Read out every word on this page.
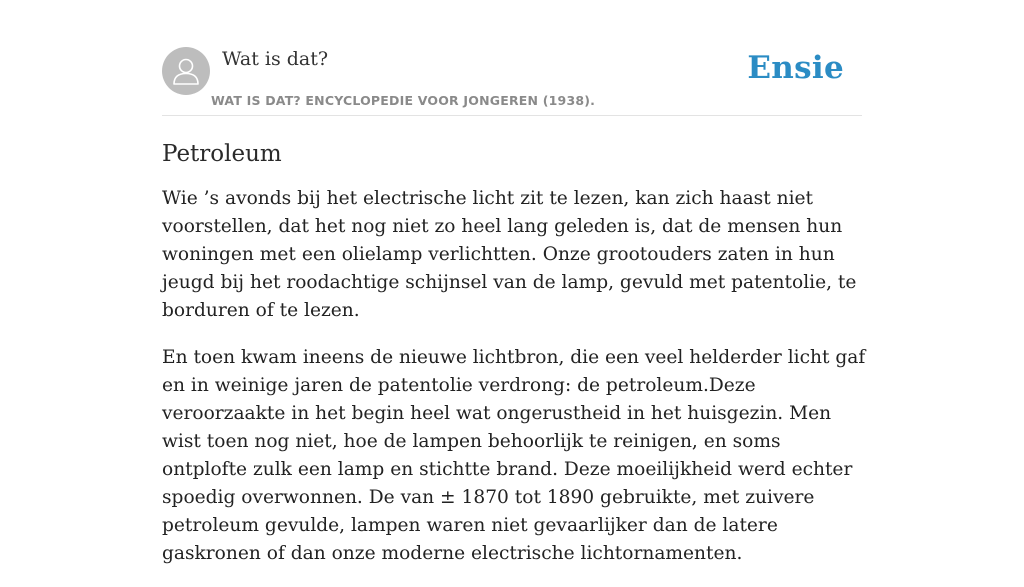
Wat is dat?
WAT IS DAT? ENCYCLOPEDIE VOOR JONGEREN (1938).
Ensie
Petroleum

Wie ’s avonds bij het electrische licht zit te lezen, kan zich haast niet voorstellen, dat het nog niet zo heel lang geleden is, dat de mensen hun woningen met een olielamp verlichtten. Onze grootouders zaten in hun jeugd bij het roodachtige schijnsel van de lamp, gevuld met patentolie, te borduren of te lezen.

En toen kwam ineens de nieuwe lichtbron, die een veel helderder licht gaf en in weinige jaren de patentolie verdrong: de petroleum.Deze veroorzaakte in het begin heel wat ongerustheid in het huisgezin. Men wist toen nog niet, hoe de lampen behoorlijk te reinigen, en soms ontplofte zulk een lamp en stichtte brand. Deze moeilijkheid werd echter spoedig overwonnen. De van ± 1870 tot 1890 gebruikte, met zuivere petroleum gevulde, lampen waren niet gevaarlijker dan de latere gaskronen of dan onze moderne electrische lichtornamenten.
